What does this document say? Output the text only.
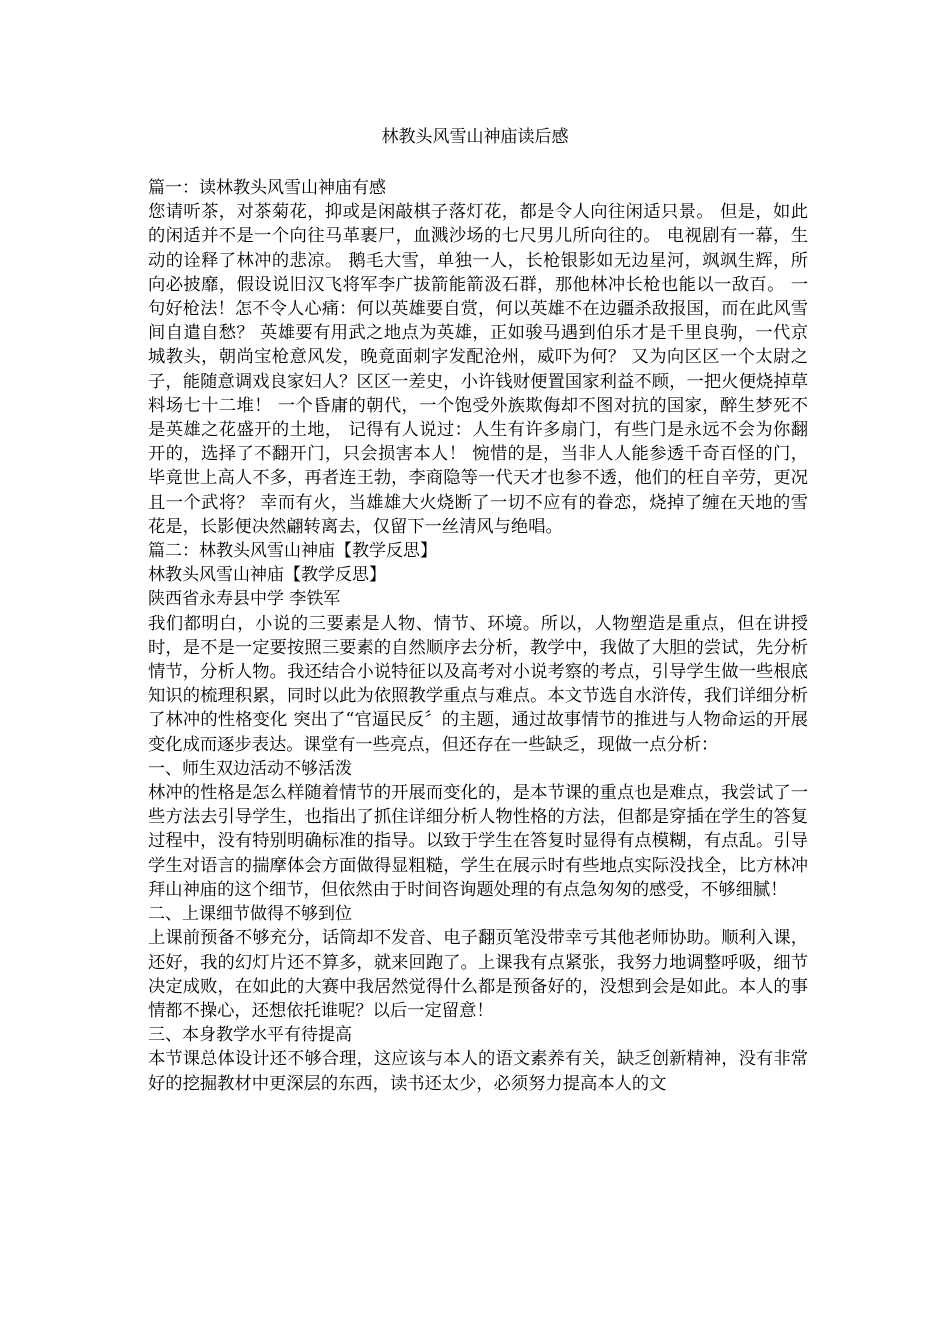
林教头风雪山神庙读后感

篇一：读林教头风雪山神庙有感

您请听茶，对茶菊花，抑或是闲敲棋子落灯花，都是令人向往闲适只景。 但是，如此的闲适并不是一个向往马革裹尸，血溅沙场的七尺男儿所向往的。 电视剧有一幕，生动的诠释了林冲的悲凉。 鹅毛大雪，单独一人，长枪银影如无边星河，飒飒生辉，所向必披靡，假设说旧汉飞将军李广拔箭能箭汲石群，那他林冲长枪也能以一敌百。 一句好枪法！怎不令人心痛：何以英雄要自赏，何以英雄不在边疆杀敌报国，而在此风雪间自遣自愁？ 英雄要有用武之地点为英雄，正如骏马遇到伯乐才是千里良驹，一代京城教头，朝尚宝枪意风发，晚竟面刺字发配沧州，威吓为何？ 又为向区区一个太尉之子，能随意调戏良家妇人？区区一差史，小许钱财便置国家利益不顾，一把火便烧掉草料场七十二堆！ 一个昏庸的朝代，一个饱受外族欺侮却不图对抗的国家，醉生梦死不是英雄之花盛开的土地， 记得有人说过：人生有许多扇门，有些门是永远不会为你翻开的，选择了不翻开门，只会损害本人！ 惋惜的是，当非人人能参透千奇百怪的门，毕竟世上高人不多，再者连王勃，李商隐等一代天才也参不透，他们的枉自辛劳，更况且一个武将？ 幸而有火，当雄雄大火烧断了一切不应有的眷恋，烧掉了缠在天地的雪花是，长影便决然翩转离去，仅留下一丝清风与绝唱。

篇二：林教头风雪山神庙【教学反思】

林教头风雪山神庙【教学反思】

陕西省永寿县中学 李铁军

我们都明白，小说的三要素是人物、情节、环境。所以，人物塑造是重点，但在讲授时，是不是一定要按照三要素的自然顺序去分析，教学中，我做了大胆的尝试，先分析情节，分析人物。我还结合小说特征以及高考对小说考察的考点，引导学生做一些根底知识的梳理积累，同时以此为依照教学重点与难点。本文节选自水浒传，我们详细分析了林冲的性格变化 突出了“官逼民反〞的主题，通过故事情节的推进与人物命运的开展变化成而逐步表达。课堂有一些亮点，但还存在一些缺乏，现做一点分析：

一、师生双边活动不够活泼

林冲的性格是怎么样随着情节的开展而变化的，是本节课的重点也是难点，我尝试了一些方法去引导学生，也指出了抓住详细分析人物性格的方法，但都是穿插在学生的答复过程中，没有特别明确标准的指导。以致于学生在答复时显得有点模糊，有点乱。引导学生对语言的揣摩体会方面做得显粗糙，学生在展示时有些地点实际没找全，比方林冲拜山神庙的这个细节，但依然由于时间咨询题处理的有点急匆匆的感受，不够细腻！

二、上课细节做得不够到位

上课前预备不够充分，话筒却不发音、电子翻页笔没带幸亏其他老师协助。顺利入课，还好，我的幻灯片还不算多，就来回跑了。上课我有点紧张，我努力地调整呼吸，细节决定成败，在如此的大赛中我居然觉得什么都是预备好的，没想到会是如此。本人的事情都不操心，还想依托谁呢？以后一定留意！

三、本身教学水平有待提高

本节课总体设计还不够合理，这应该与本人的语文素养有关，缺乏创新精神，没有非常好的挖掘教材中更深层的东西，读书还太少，必须努力提高本人的文
